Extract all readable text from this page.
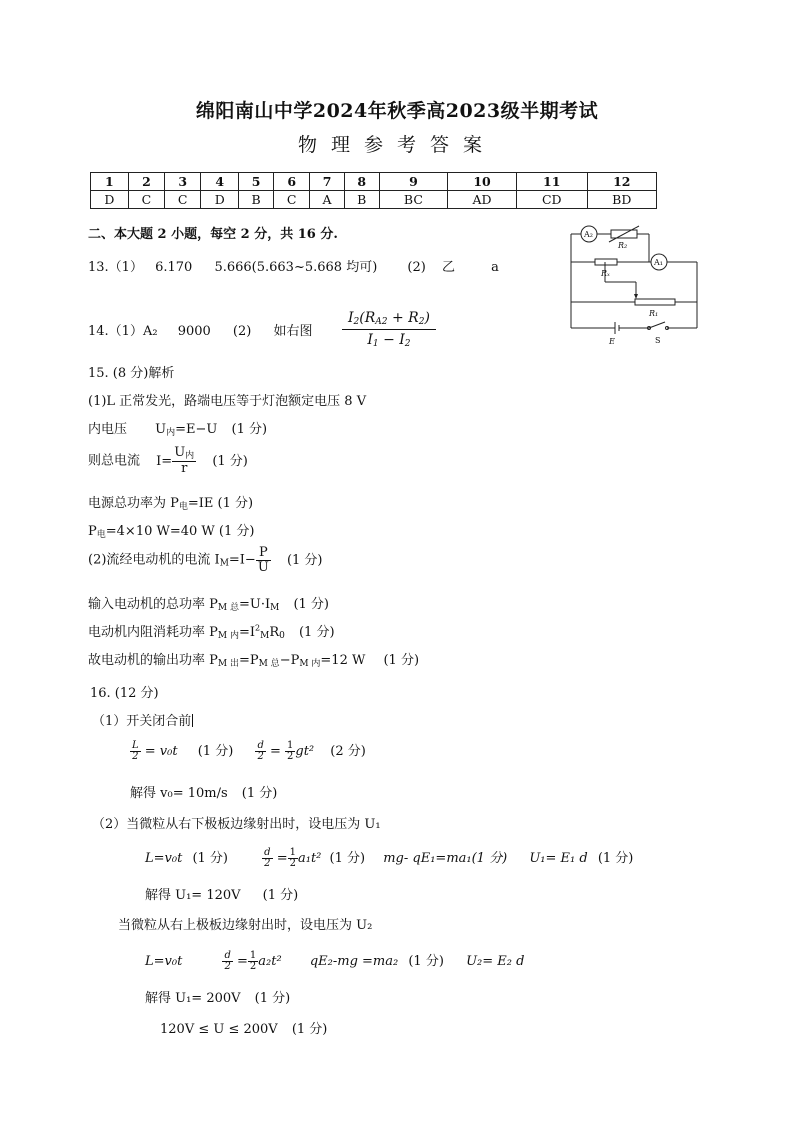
绵阳南山中学2024年秋季高2023级半期考试
物理参考答案
1	2	3	4	5	6	7	8	9	10	11	12
D	C	C	D	B	C	A	B	BC	AD	CD	BD
二、本大题 2 小题，每空 2 分，共 16 分.
13.（1） 6.170 5.666(5.663~5.668 均可) (2) 乙	a
14.（1）A₂ 9000 (2) 如右图 $\frac{I2(RA2 + R2)}{I1 - I2}$
A₂
A₁
R₂
Rₓ
R₁
E	S
15. (8 分)解析
(1)L 正常发光，路端电压等于灯泡额定电压 8 V
内电压 U内=E−U (1 分)
则总电流 $I= \frac{\text{U内}}{r} (1$ 分)
电源总功率为 P电=IE (1 分)
P电=4×10 W=40 W (1 分)
(2)流经电动机的电流 $IM=I- \frac{P}{U} (1$ 分)
输入电动机的总功率 PM 总=U·IM (1 分)
电动机内阻消耗功率 PM 内$=I^2MR0$ (1 分)
故电动机的输出功率 PM 出=PM 总−PM 内=12 W (1 分)
16. (12 分)
（1）开关闭合前
$\frac{L}{2} = v_0t$ (1 分) $\frac{d}{2} = \frac{1}{2} gt^2$ (2 分)
解得 v₀= 10m/s (1 分)
（2）当微粒从右下极板边缘射出时，设电压为 U₁
L=v₀t (1 分)	$\frac{d}{2} = \frac{1}{2} a_1t^2$ (1 分) mg- qE₁=ma₁(1 分) U₁= E₁ d (1 分)
解得 U₁= 120V (1 分)
当微粒从右上极板边缘射出时，设电压为 U₂
L=v₀t	$\frac{d}{2} = \frac{1}{2} a_2t^2$ qE₂-mg =ma₂ (1 分) U₂= E₂ d
解得 U₁= 200V (1 分)
120V ≤ U ≤ 200V (1 分)
